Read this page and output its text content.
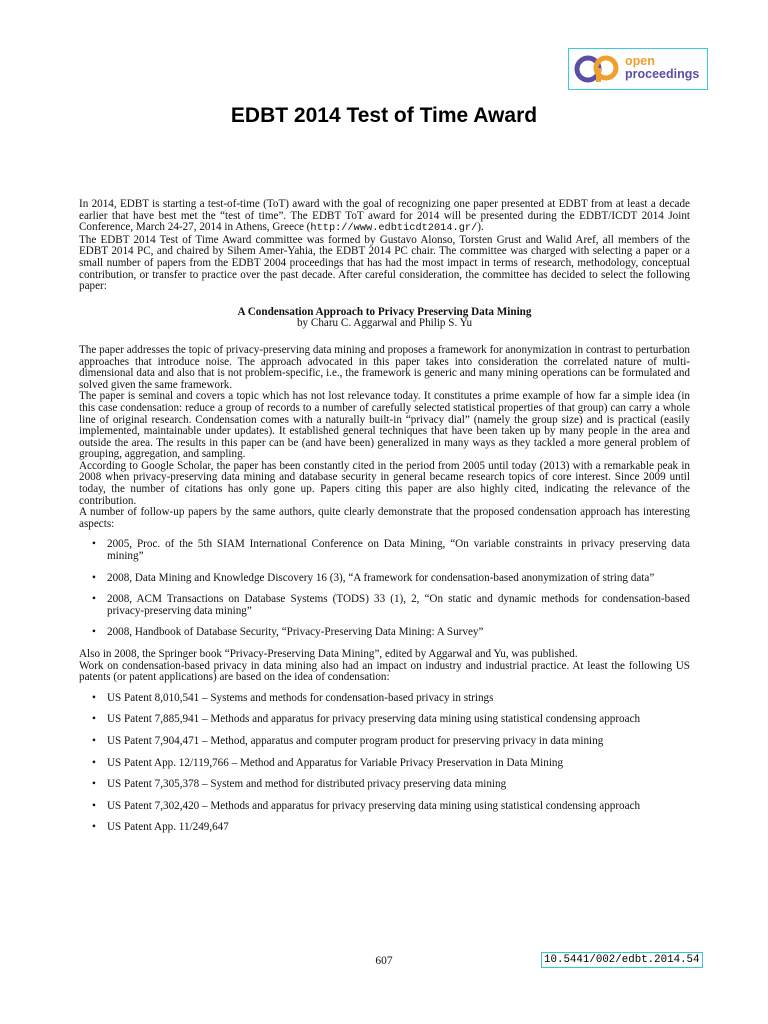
open
proceedings
EDBT 2014 Test of Time Award

In 2014, EDBT is starting a test-of-time (ToT) award with the goal of recognizing one paper presented at EDBT from at least a decade earlier that have best met the “test of time”. The EDBT ToT award for 2014 will be presented during the EDBT/ICDT 2014 Joint Conference, March 24-27, 2014 in Athens, Greece (http://www.edbticdt2014.gr/).

The EDBT 2014 Test of Time Award committee was formed by Gustavo Alonso, Torsten Grust and Walid Aref, all members of the EDBT 2014 PC, and chaired by Sihem Amer-Yahia, the EDBT 2014 PC chair. The committee was charged with selecting a paper or a small number of papers from the EDBT 2004 proceedings that has had the most impact in terms of research, methodology, conceptual contribution, or transfer to practice over the past decade. After careful consideration, the committee has decided to select the following paper:

A Condensation Approach to Privacy Preserving Data Mining
by Charu C. Aggarwal and Philip S. Yu

The paper addresses the topic of privacy-preserving data mining and proposes a framework for anonymization in contrast to perturbation approaches that introduce noise. The approach advocated in this paper takes into consideration the correlated nature of multi-dimensional data and also that is not problem-specific, i.e., the framework is generic and many mining operations can be formulated and solved given the same framework.

The paper is seminal and covers a topic which has not lost relevance today. It constitutes a prime example of how far a simple idea (in this case condensation: reduce a group of records to a number of carefully selected statistical properties of that group) can carry a whole line of original research. Condensation comes with a naturally built-in “privacy dial” (namely the group size) and is practical (easily implemented, maintainable under updates). It established general techniques that have been taken up by many people in the area and outside the area. The results in this paper can be (and have been) generalized in many ways as they tackled a more general problem of grouping, aggregation, and sampling.

According to Google Scholar, the paper has been constantly cited in the period from 2005 until today (2013) with a remarkable peak in 2008 when privacy-preserving data mining and database security in general became research topics of core interest. Since 2009 until today, the number of citations has only gone up. Papers citing this paper are also highly cited, indicating the relevance of the contribution.

A number of follow-up papers by the same authors, quite clearly demonstrate that the proposed condensation approach has interesting aspects:

• 2005, Proc. of the 5th SIAM International Conference on Data Mining, “On variable constraints in privacy preserving data mining”
• 2008, Data Mining and Knowledge Discovery 16 (3), “A framework for condensation-based anonymization of string data”
• 2008, ACM Transactions on Database Systems (TODS) 33 (1), 2, “On static and dynamic methods for condensation-based privacy-preserving data mining”
• 2008, Handbook of Database Security, “Privacy-Preserving Data Mining: A Survey”

Also in 2008, the Springer book “Privacy-Preserving Data Mining”, edited by Aggarwal and Yu, was published.

Work on condensation-based privacy in data mining also had an impact on industry and industrial practice. At least the following US patents (or patent applications) are based on the idea of condensation:

• US Patent 8,010,541 – Systems and methods for condensation-based privacy in strings
• US Patent 7,885,941 – Methods and apparatus for privacy preserving data mining using statistical condensing approach
• US Patent 7,904,471 – Method, apparatus and computer program product for preserving privacy in data mining
• US Patent App. 12/119,766 – Method and Apparatus for Variable Privacy Preservation in Data Mining
• US Patent 7,305,378 – System and method for distributed privacy preserving data mining
• US Patent 7,302,420 – Methods and apparatus for privacy preserving data mining using statistical condensing approach
• US Patent App. 11/249,647
607	10.5441/002/edbt.2014.54
